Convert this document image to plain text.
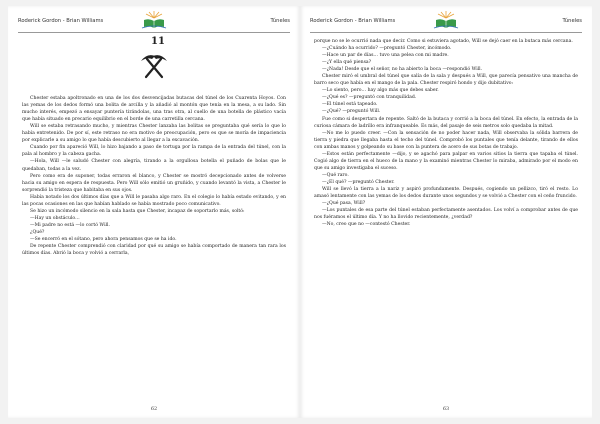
Roderick Gordon - Brian Williams	Túneles

11

Chester estaba apoltronado en una de los dos desvencijadas butacas del túnel de los Cuarenta Hoyos. Con las yemas de los dedos formó una bolita de arcilla y la añadió al montón que tenía en la mesa, a su lado. Sin mucho interés, empezó a ensayar puntería tirándolas, una tras otra, al cuello de una botella de plástico vacía que había situado en precario equilibrio en el borde de una carretilla cercana.

Will se estaba retrasando mucho, y mientras Chester lanzaba las bolitas se preguntaba qué sería lo que lo había entretenido. De por sí, este retraso no era motivo de preocupación, pero es que se moría de impaciencia por explicarle a su amigo lo que había descubierto al llegar a la excavación.

Cuando por fin apareció Will, lo hizo bajando a paso de tortuga por la rampa de la entrada del túnel, con la pala al hombro y la cabeza gacha.

—Hola, Will —le saludó Chester con alegría, tirando a la orgullosa botella el puñado de bolas que le quedaban, todas a la vez.

Pero como era de suponer, todas erraron el blanco, y Chester se mostró decepcionado antes de volverse hacia su amigo en espera de respuesta. Pero Will sólo emitió un gruñido, y cuando levantó la vista, a Chester le sorprendió la tristeza que habitaba en sus ojos.

Había notado los dos últimos días que a Will le pasaba algo raro. En el colegio lo había estado evitando, y en las pocas ocasiones en las que habían hablado se había mostrado poco comunicativo.

Se hizo un incómodo silencio en la sala hasta que Chester, incapaz de soportarlo más, soltó:

—Hay un obstáculo…

—Mi padre no está —lo cortó Will.

¿Qué?

—Se encerró en el sótano, pero ahora pensamos que se ha ido.

De repente Chester comprendió con claridad por qué su amigo se había comportado de manera tan rara los últimos días. Abrió la boca y volvió a cerrarla,

62
Roderick Gordon - Brian Williams	Túneles

porque no se le ocurrió nada que decir. Como si estuviera agotado, Will se dejó caer en la butaca más cercana.

—¿Cuándo ha ocurrido? —preguntó Chester, incómodo.

—Hace un par de días… tuvo una pelea con mi madre.

—¿Y ella qué piensa?

—¿Nada! Desde que el señor, no ha abierto la boca —respondió Will.

Chester miró el umbral del túnel que salía de la sala y después a Will, que parecía pensativo una mancha de barro seco que había en el mango de la pala. Chester respiró hondo y dijo dubitativo:

—Lo siento, pero… hay algo más que debes saber.

—¿Qué es? —preguntó con tranquilidad.

—El túnel está tapeado.

—¿Qué? —preguntó Will.

Fue como si despertara de repente. Saltó de la butaca y corrió a la boca del túnel. En efecto, la entrada de la curiosa cámara de ladrillo era infranqueable. Es más, del pasaje de seis metros solo quedaba la mitad.

—No me lo puedo creer. —Con la sensación de no poder hacer nada, Will observaba la sólida barrera de tierra y piedra que llegaba hasta el techo del túnel. Comprobó los puntales que tenía delante, tirando de ellos con ambas manos y golpeando su base con la puntera de acero de sus botas de trabajo.

—Estos están perfectamente —dijo, y se agachó para palpar en varios sitios la tierra que tapaba el túnel. Cogió algo de tierra en el hueco de la mano y la examinó mientras Chester lo miraba, admirado por el modo en que su amigo investigaba el suceso.

—Qué raro.

—¿El qué? —preguntó Chester.

Will se llevó la tierra a la nariz y aspiró profundamente. Después, cogiendo un pellizco, tiró el resto. Lo amasó lentamente con las yemas de los dedos durante unos segundos y se volvió a Chester con el ceño fruncido.

—¿Qué pasa, Will?

—Los puntales de esa parte del túnel estaban perfectamente asentados. Los volví a comprobar antes de que nos fuéramos el último día. Y no ha llovido recientemente, ¿verdad?

—No, creo que no —contestó Chester.

63
